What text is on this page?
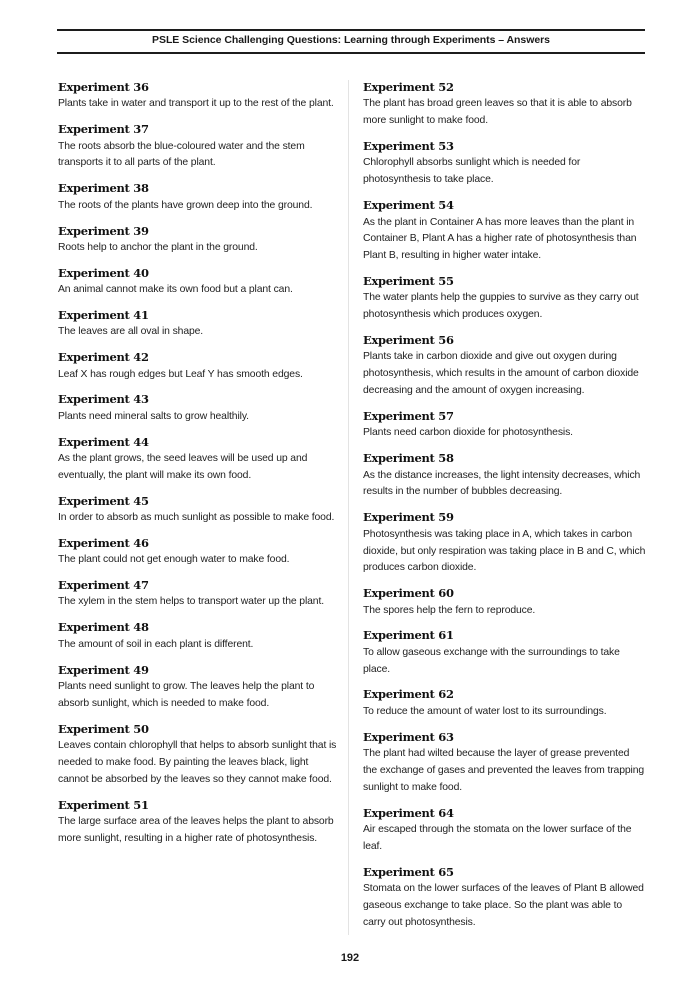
PSLE Science Challenging Questions: Learning through Experiments – Answers
Experiment 36
Plants take in water and transport it up to the rest of the plant.
Experiment 37
The roots absorb the blue-coloured water and the stem transports it to all parts of the plant.
Experiment 38
The roots of the plants have grown deep into the ground.
Experiment 39
Roots help to anchor the plant in the ground.
Experiment 40
An animal cannot make its own food but a plant can.
Experiment 41
The leaves are all oval in shape.
Experiment 42
Leaf X has rough edges but Leaf Y has smooth edges.
Experiment 43
Plants need mineral salts to grow healthily.
Experiment 44
As the plant grows, the seed leaves will be used up and eventually, the plant will make its own food.
Experiment 45
In order to absorb as much sunlight as possible to make food.
Experiment 46
The plant could not get enough water to make food.
Experiment 47
The xylem in the stem helps to transport water up the plant.
Experiment 48
The amount of soil in each plant is different.
Experiment 49
Plants need sunlight to grow. The leaves help the plant to absorb sunlight, which is needed to make food.
Experiment 50
Leaves contain chlorophyll that helps to absorb sunlight that is needed to make food. By painting the leaves black, light cannot be absorbed by the leaves so they cannot make food.
Experiment 51
The large surface area of the leaves helps the plant to absorb more sunlight, resulting in a higher rate of photosynthesis.
Experiment 52
The plant has broad green leaves so that it is able to absorb more sunlight to make food.
Experiment 53
Chlorophyll absorbs sunlight which is needed for photosynthesis to take place.
Experiment 54
As the plant in Container A has more leaves than the plant in Container B, Plant A has a higher rate of photosynthesis than Plant B, resulting in higher water intake.
Experiment 55
The water plants help the guppies to survive as they carry out photosynthesis which produces oxygen.
Experiment 56
Plants take in carbon dioxide and give out oxygen during photosynthesis, which results in the amount of carbon dioxide decreasing and the amount of oxygen increasing.
Experiment 57
Plants need carbon dioxide for photosynthesis.
Experiment 58
As the distance increases, the light intensity decreases, which results in the number of bubbles decreasing.
Experiment 59
Photosynthesis was taking place in A, which takes in carbon dioxide, but only respiration was taking place in B and C, which produces carbon dioxide.
Experiment 60
The spores help the fern to reproduce.
Experiment 61
To allow gaseous exchange with the surroundings to take place.
Experiment 62
To reduce the amount of water lost to its surroundings.
Experiment 63
The plant had wilted because the layer of grease prevented the exchange of gases and prevented the leaves from trapping sunlight to make food.
Experiment 64
Air escaped through the stomata on the lower surface of the leaf.
Experiment 65
Stomata on the lower surfaces of the leaves of Plant B allowed gaseous exchange to take place. So the plant was able to carry out photosynthesis.
192
